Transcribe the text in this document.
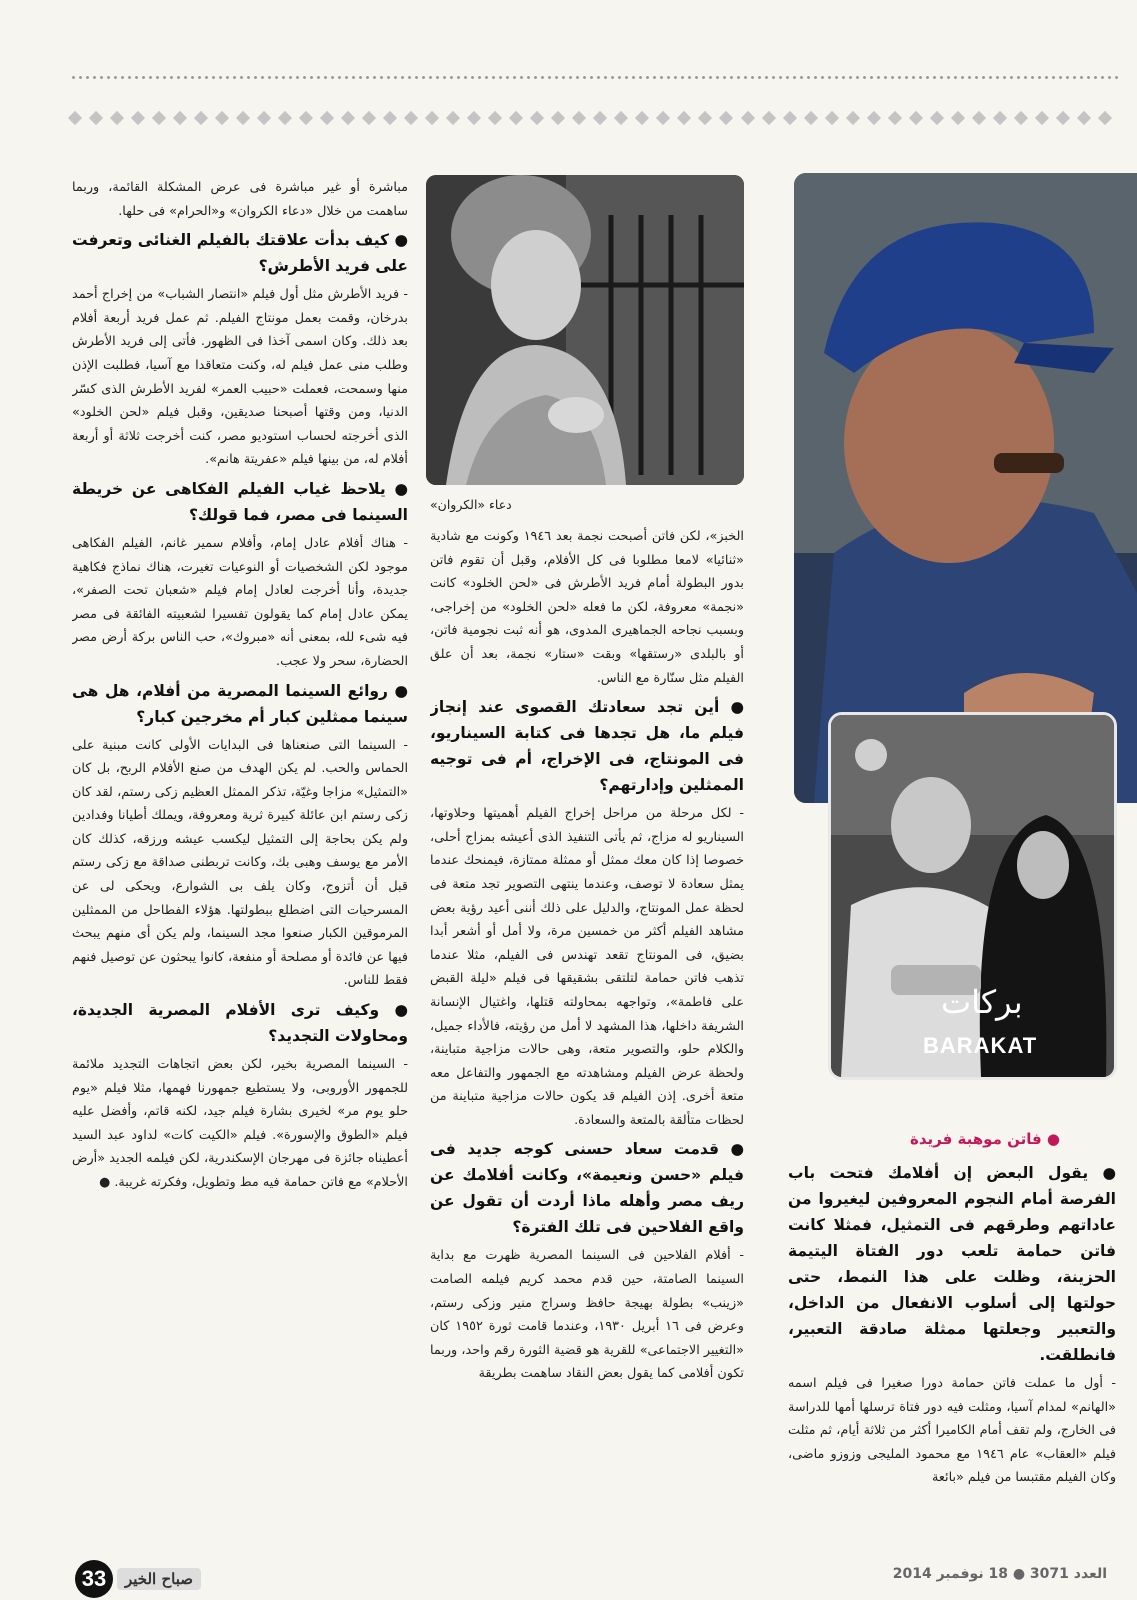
دعاء «الكروان»
بركات
BARAKAT
● فاتن موهبة فريدة

مباشرة أو غير مباشرة فى عرض المشكلة القائمة، وربما ساهمت من خلال «دعاء الكروان» و«الحرام» فى حلها.

● كيف بدأت علاقتك بالفيلم الغنائى وتعرفت على فريد الأطرش؟

- فريد الأطرش مثل أول فيلم «انتصار الشباب» من إخراج أحمد بدرخان، وقمت بعمل مونتاج الفيلم. ثم عمل فريد أربعة أفلام بعد ذلك. وكان اسمى آخذا فى الظهور. فأتى إلى فريد الأطرش وطلب منى عمل فيلم له، وكنت متعاقدا مع آسيا، فطلبت الإذن منها وسمحت، فعملت «حبيب العمر» لفريد الأطرش الذى كسّر الدنيا، ومن وقتها أصبحنا صديقين، وقبل فيلم «لحن الخلود» الذى أخرجته لحساب استوديو مصر، كنت أخرجت ثلاثة أو أربعة أفلام له، من بينها فيلم «عفريتة هانم».

● يلاحظ غياب الفيلم الفكاهى عن خريطة السينما فى مصر، فما قولك؟

- هناك أفلام عادل إمام، وأفلام سمير غانم، الفيلم الفكاهى موجود لكن الشخصيات أو النوعيات تغيرت، هناك نماذج فكاهية جديدة، وأنا أخرجت لعادل إمام فيلم «شعبان تحت الصفر»، يمكن عادل إمام كما يقولون تفسيرا لشعبيته الفائقة فى مصر فيه شىء لله، بمعنى أنه «مبروك»، حب الناس بركة أرض مصر الحضارة، سحر ولا عجب.

● روائع السينما المصرية من أفلام، هل هى سينما ممثلين كبار أم مخرجين كبار؟

- السينما التى صنعناها فى البدايات الأولى كانت مبنية على الحماس والحب. لم يكن الهدف من صنع الأفلام الربح، بل كان «التمثيل» مزاجا وغيّة، تذكر الممثل العظيم زكى رستم، لقد كان زكى رستم ابن عائلة كبيرة ثرية ومعروفة، ويملك أطيانا وفدادين ولم يكن بحاجة إلى التمثيل ليكسب عيشه ورزقه، كذلك كان الأمر مع يوسف وهبى بك، وكانت تربطنى صداقة مع زكى رستم قبل أن أتزوج، وكان يلف بى الشوارع، ويحكى لى عن المسرحيات التى اضطلع ببطولتها. هؤلاء الفطاحل من الممثلين المرموقين الكبار صنعوا مجد السينما، ولم يكن أى منهم يبحث فيها عن فائدة أو مصلحة أو منفعة، كانوا يبحثون عن توصيل فنهم فقط للناس.

● وكيف ترى الأفلام المصرية الجديدة، ومحاولات التجديد؟

- السينما المصرية بخير، لكن بعض اتجاهات التجديد ملائمة للجمهور الأوروبى، ولا يستطيع جمهورنا فهمها، مثلا فيلم «يوم حلو يوم مر» لخيرى بشارة فيلم جيد، لكنه قاتم، وأفضل عليه فيلم «الطوق والإسورة». فيلم «الكيت كات» لداود عبد السيد أعطيناه جائزة فى مهرجان الإسكندرية، لكن فيلمه الجديد «أرض الأحلام» مع فاتن حمامة فيه مط وتطويل، وفكرته غريبة. ●

الخبز»، لكن فاتن أصبحت نجمة بعد ١٩٤٦ وكونت مع شادية «ثنائيا» لامعا مطلوبا فى كل الأفلام، وقبل أن تقوم فاتن بدور البطولة أمام فريد الأطرش فى «لحن الخلود» كانت «نجمة» معروفة، لكن ما فعله «لحن الخلود» من إخراجى، وبسبب نجاحه الجماهيرى المدوى، هو أنه ثبت نجومية فاتن، أو بالبلدى «رستقها» وبقت «ستار» نجمة، بعد أن علق الفيلم مثل سنّارة مع الناس.

● أين تجد سعادتك القصوى عند إنجاز فيلم ما، هل تجدها فى كتابة السيناريو، فى المونتاج، فى الإخراج، أم فى توجيه الممثلين وإدارتهم؟

- لكل مرحلة من مراحل إخراج الفيلم أهميتها وحلاوتها، السيناريو له مزاج، ثم يأتى التنفيذ الذى أعيشه بمزاج أحلى، خصوصا إذا كان معك ممثل أو ممثلة ممتازة، فيمنحك عندما يمثل سعادة لا توصف، وعندما ينتهى التصوير تجد متعة فى لحظة عمل المونتاج، والدليل على ذلك أننى أعيد رؤية بعض مشاهد الفيلم أكثر من خمسين مرة، ولا أمل أو أشعر أبدا بضيق، فى المونتاج تقعد تهندس فى الفيلم، مثلا عندما تذهب فاتن حمامة لتلتقى بشقيقها فى فيلم «ليلة القبض على فاطمة»، وتواجهه بمحاولته قتلها، واغتيال الإنسانة الشريفة داخلها، هذا المشهد لا أمل من رؤيته، فالأداء جميل، والكلام حلو، والتصوير متعة، وهى حالات مزاجية متباينة، ولحظة عرض الفيلم ومشاهدته مع الجمهور والتفاعل معه متعة أخرى. إذن الفيلم قد يكون حالات مزاجية متباينة من لحظات متألقة بالمتعة والسعادة.

● قدمت سعاد حسنى كوجه جديد فى فيلم «حسن ونعيمة»، وكانت أفلامك عن ريف مصر وأهله ماذا أردت أن تقول عن واقع الفلاحين فى تلك الفترة؟

- أفلام الفلاحين فى السينما المصرية ظهرت مع بداية السينما الصامتة، حين قدم محمد كريم فيلمه الصامت «زينب» بطولة بهيجة حافظ وسراج منير وزكى رستم، وعرض فى ١٦ أبريل ١٩٣٠، وعندما قامت ثورة ١٩٥٢ كان «التغيير الاجتماعى» للقرية هو قضية الثورة رقم واحد، وربما تكون أفلامى كما يقول بعض النقاد ساهمت بطريقة

● يقول البعض إن أفلامك فتحت باب الفرصة أمام النجوم المعروفين ليغيروا من عاداتهم وطرقهم فى التمثيل، فمثلا كانت فاتن حمامة تلعب دور الفتاة اليتيمة الحزينة، وظلت على هذا النمط، حتى حولتها إلى أسلوب الانفعال من الداخل، والتعبير وجعلتها ممثلة صادقة التعبير، فانطلقت.

- أول ما عملت فاتن حمامة دورا صغيرا فى فيلم اسمه «الهانم» لمدام آسيا، ومثلت فيه دور فتاة ترسلها أمها للدراسة فى الخارج، ولم تقف أمام الكاميرا أكثر من ثلاثة أيام، ثم مثلت فيلم «العقاب» عام ١٩٤٦ مع محمود المليجى وزوزو ماضى، وكان الفيلم مقتبسا من فيلم «بائعة

33	صباح الخير	العدد 3071 ● 18 نوفمبر 2014
